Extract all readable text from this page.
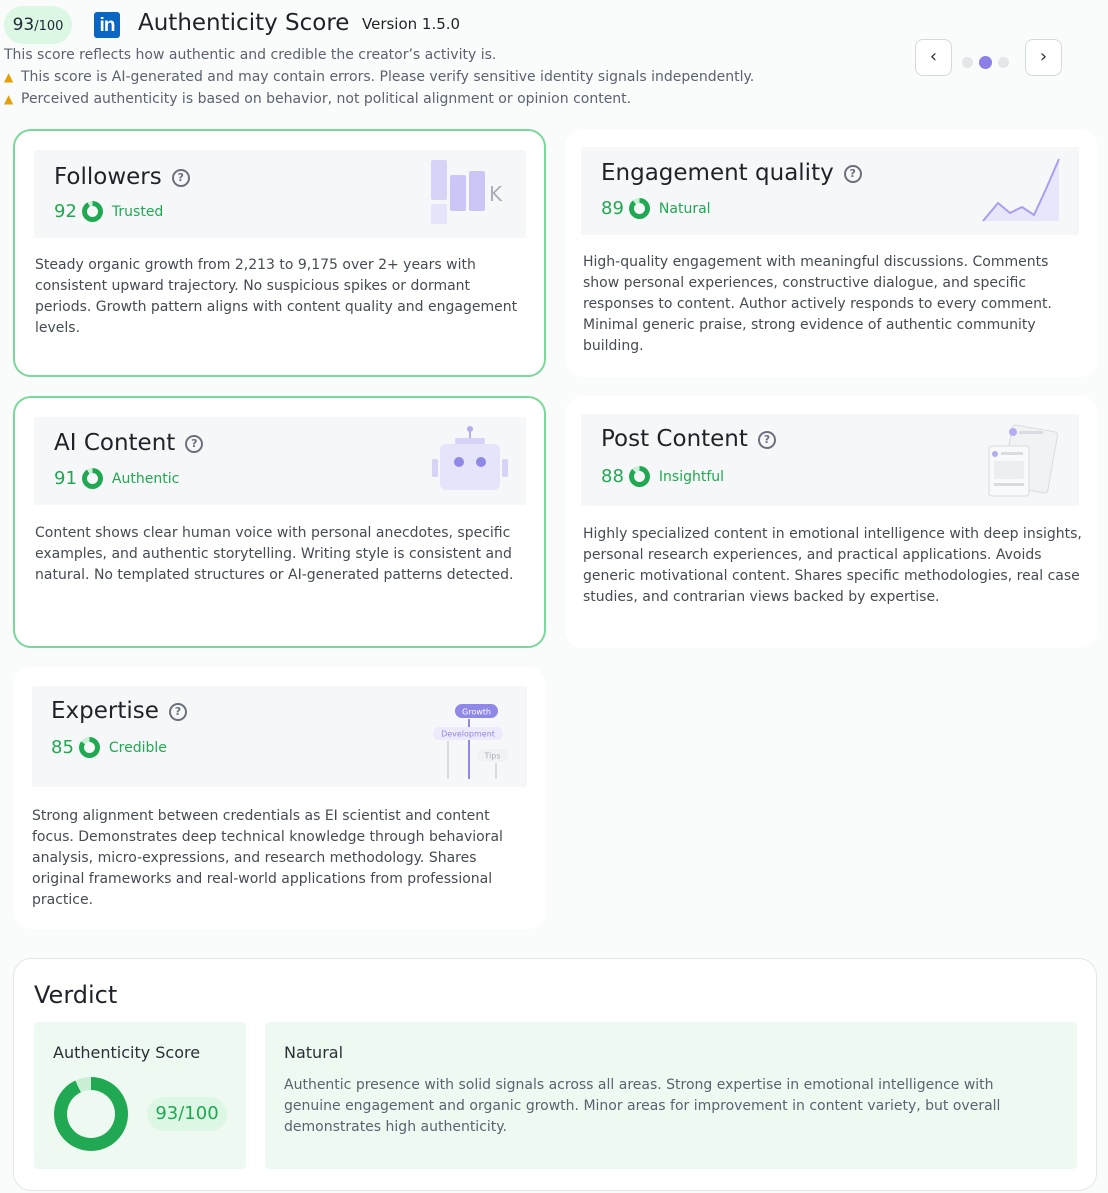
93/100	in Authenticity Score Version 1.5.0
This score reflects how authentic and credible the creator’s activity is.
▲ This score is AI-generated and may contain errors. Please verify sensitive identity signals independently.
▲ Perceived authenticity is based on behavior, not political alignment or opinion content.
‹	›
Followers ?
92	Trusted
K
Steady organic growth from 2,213 to 9,175 over 2+ years with consistent upward trajectory. No suspicious spikes or dormant periods. Growth pattern aligns with content quality and engagement levels.
Engagement quality ?
89	Natural
High-quality engagement with meaningful discussions. Comments show personal experiences, constructive dialogue, and specific responses to content. Author actively responds to every comment. Minimal generic praise, strong evidence of authentic community building.
AI Content ?
91	Authentic
Content shows clear human voice with personal anecdotes, specific examples, and authentic storytelling. Writing style is consistent and natural. No templated structures or AI-generated patterns detected.
Post Content ?
88	Insightful
Highly specialized content in emotional intelligence with deep insights, personal research experiences, and practical applications. Avoids generic motivational content. Shares specific methodologies, real case studies, and contrarian views backed by expertise.
Expertise ?
85	Credible
Growth
Development
Tips
Strong alignment between credentials as EI scientist and content focus. Demonstrates deep technical knowledge through behavioral analysis, micro-expressions, and research methodology. Shares original frameworks and real-world applications from professional practice.
Verdict
Authenticity Score
93/100
Natural
Authentic presence with solid signals across all areas. Strong expertise in emotional intelligence with genuine engagement and organic growth. Minor areas for improvement in content variety, but overall demonstrates high authenticity.
